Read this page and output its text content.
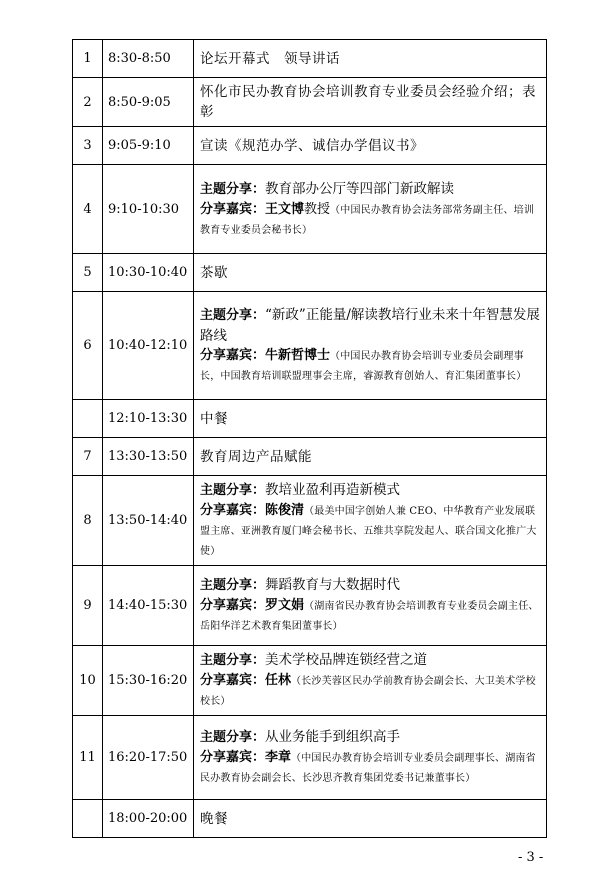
1	8:30-8:50	论坛开幕式　领导讲话
2	8:50-9:05	怀化市民办教育协会培训教育专业委员会经验介绍；表彰
3	9:05-9:10	宣读《规范办学、诚信办学倡议书》
4	9:10-10:30	主题分享：教育部办公厅等四部门新政解读
分享嘉宾：王文博教授（中国民办教育协会法务部常务副主任、培训教育专业委员会秘书长）

5	10:30-10:40	茶歇
6	10:40-12:10	主题分享：“新政”正能量/解读教培行业未来十年智慧发展路线
分享嘉宾：牛新哲博士（中国民办教育协会培训专业委员会副理事长，中国教育培训联盟理事会主席，睿源教育创始人、育汇集团董事长）

	12:10-13:30	中餐
7	13:30-13:50	教育周边产品赋能
8	13:50-14:40	主题分享：教培业盈利再造新模式
分享嘉宾：陈俊清（最美中国字创始人兼 CEO、中华教育产业发展联盟主席、亚洲教育厦门峰会秘书长、五维共享院发起人、联合国文化推广大使）

9	14:40-15:30	主题分享：舞蹈教育与大数据时代
分享嘉宾：罗文娟（湖南省民办教育协会培训教育专业委员会副主任、岳阳华洋艺术教育集团董事长）

10	15:30-16:20	主题分享：美术学校品牌连锁经营之道
分享嘉宾：任林（长沙芙蓉区民办学前教育协会副会长、大卫美术学校校长）

11	16:20-17:50	主题分享：从业务能手到组织高手
分享嘉宾：李章（中国民办教育协会培训专业委员会副理事长、湖南省民办教育协会副会长、长沙思齐教育集团党委书记兼董事长）

	18:00-20:00	晚餐
- 3 -
